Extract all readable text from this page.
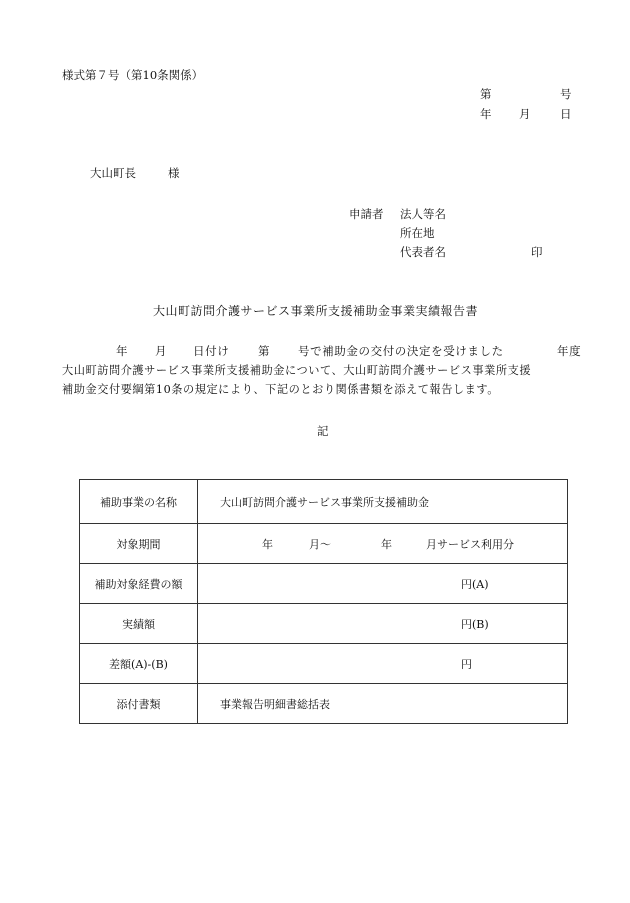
様式第７号（第10条関係）
第	号
年 月	日
大山町長	様
申請者 法人等名
所在地
代表者名	印
大山町訪問介護サービス事業所支援補助金事業実績報告書
年 月 日付け 第 号で補助金の交付の決定を受けました	年度
大山町訪問介護サービス事業所支援補助金について、大山町訪問介護サービス事業所支援
補助金交付要綱第10条の規定により、下記のとおり関係書類を添えて報告します。
記
補助事業の名称	大山町訪問介護サービス事業所支援補助金
対象期間	年 月～ 年 月サービス利用分

補助対象経費の額	円(A)

実績額	円(B)

差額(A)-(B)	円

添付書類	事業報告明細書総括表
